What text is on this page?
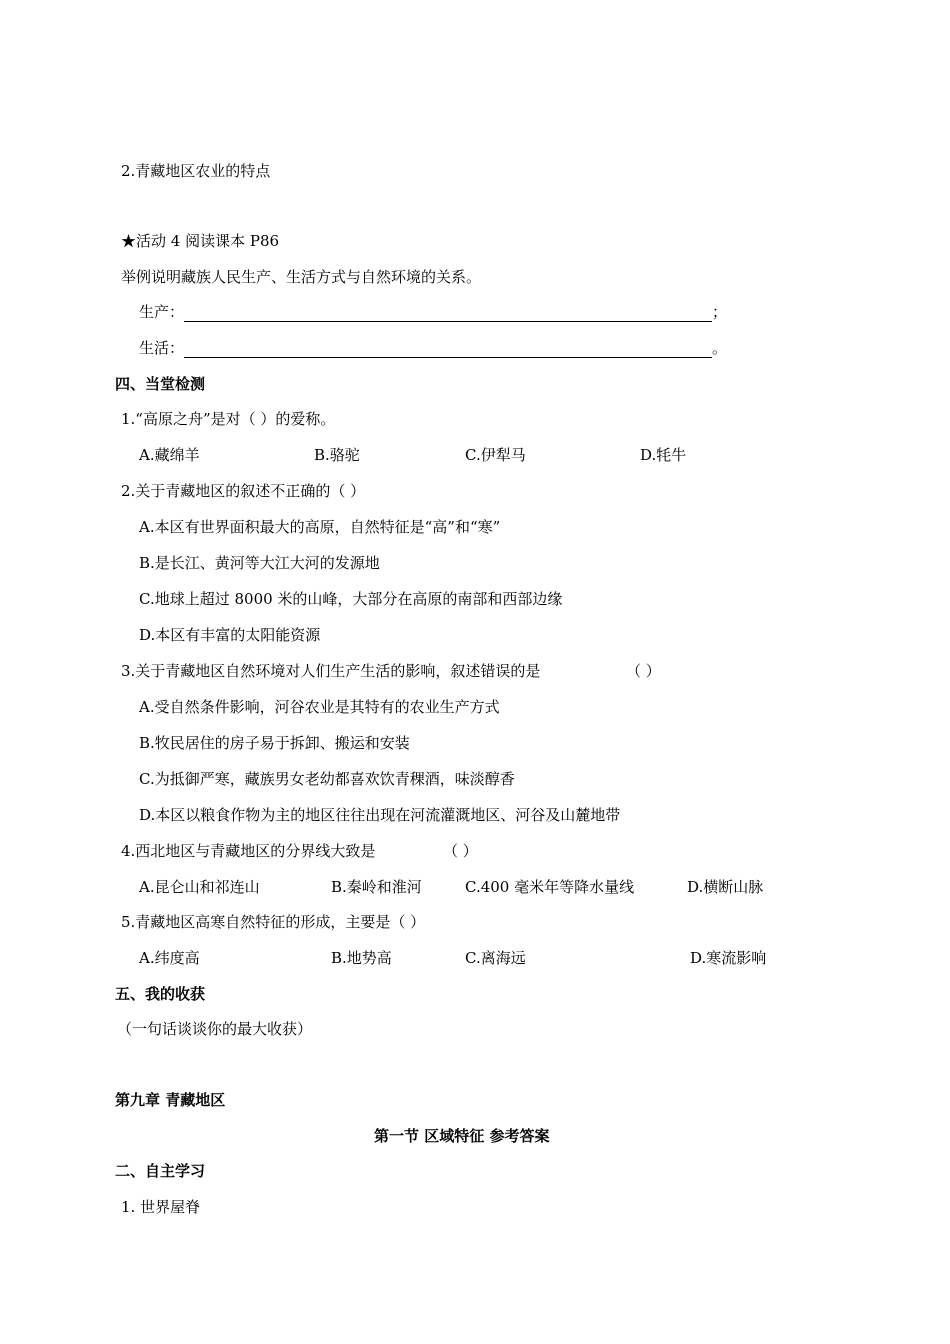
2.青藏地区农业的特点
★活动 4 阅读课本 P86
举例说明藏族人民生产、生活方式与自然环境的关系。
生产：	；
生活：	。
四、当堂检测
1.“高原之舟”是对（ ）的爱称。
A.藏绵羊	B.骆驼	C.伊犁马	D.牦牛
2.关于青藏地区的叙述不正确的（ ）
A.本区有世界面积最大的高原，自然特征是“高”和“寒”
B.是长江、黄河等大江大河的发源地
C.地球上超过 8000 米的山峰，大部分在高原的南部和西部边缘
D.本区有丰富的太阳能资源
3.关于青藏地区自然环境对人们生产生活的影响，叙述错误的是	（ ）
A.受自然条件影响，河谷农业是其特有的农业生产方式
B.牧民居住的房子易于拆卸、搬运和安装
C.为抵御严寒，藏族男女老幼都喜欢饮青稞酒，味淡醇香
D.本区以粮食作物为主的地区往往出现在河流灌溉地区、河谷及山麓地带
4.西北地区与青藏地区的分界线大致是	（ ）
A.昆仑山和祁连山	B.秦岭和淮河	C.400 毫米年等降水量线	D.横断山脉
5.青藏地区高寒自然特征的形成，主要是（ ）
A.纬度高	B.地势高	C.离海远	D.寒流影响
五、我的收获
（一句话谈谈你的最大收获）
第九章 青藏地区
第一节 区域特征 参考答案
二、自主学习
1. 世界屋脊
